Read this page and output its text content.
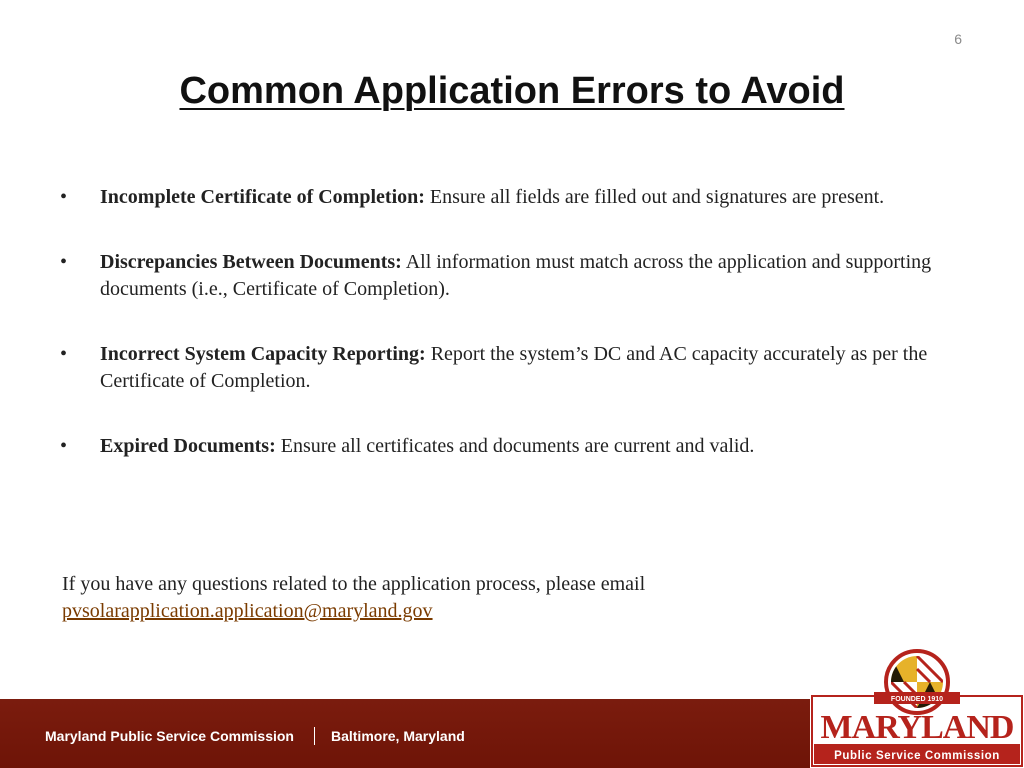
6
Common Application Errors to Avoid
• Incomplete Certificate of Completion: Ensure all fields are filled out and signatures are present.
• Discrepancies Between Documents: All information must match across the application and supporting documents (i.e., Certificate of Completion).
• Incorrect System Capacity Reporting: Report the system’s DC and AC capacity accurately as per the Certificate of Completion.
• Expired Documents: Ensure all certificates and documents are current and valid.
If you have any questions related to the application process, please email
pvsolarapplication.application@maryland.gov
Maryland Public Service Commission	Baltimore, Maryland
FOUNDED 1910
MARYLAND
Public Service Commission
